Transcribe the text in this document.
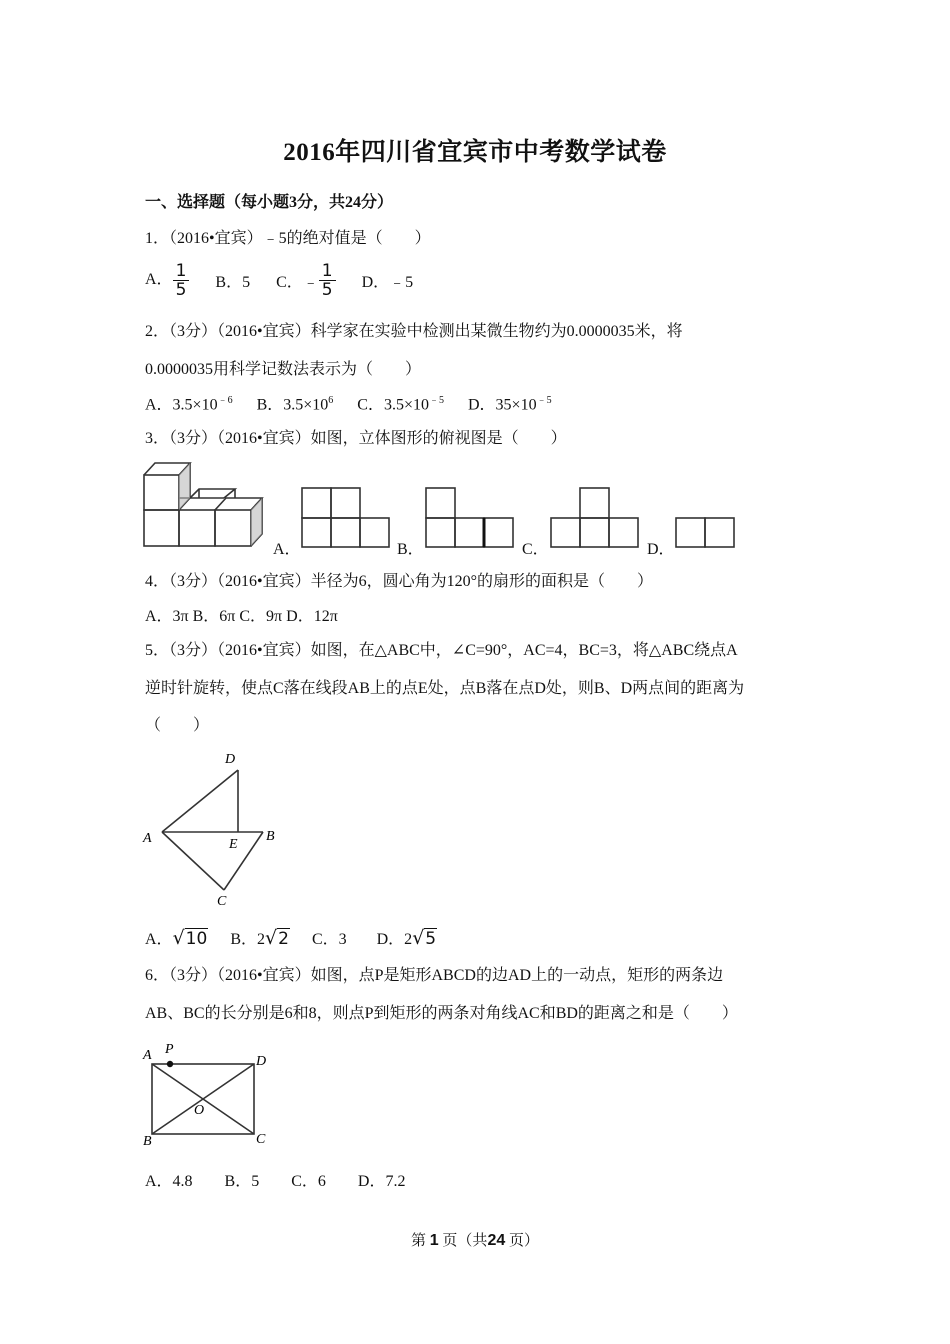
2016年四川省宜宾市中考数学试卷
一、选择题（每小题3分，共24分）
1．（2016•宜宾）﹣5的绝对值是（　　）
A． $\frac{1}{5}$ B．5 C．﹣ $\frac{1}{5}$ D．﹣5
2．（3分）（2016•宜宾）科学家在实验中检测出某微生物约为0.0000035米，将
0.0000035用科学记数法表示为（　　）
A．$3.5\times 10^{﹣6}$ B．$3.5\times 10^6$ C．$3.5\times 10^{﹣5}$ D．$35\times 10^{﹣5}$
3．（3分）（2016•宜宾）如图，立体图形的俯视图是（　　）
A．	B．	C．	D．
4．（3分）（2016•宜宾）半径为6，圆心角为120°的扇形的面积是（　　）
A．3π B．6π C．9π D．12π
5．（3分）（2016•宜宾）如图，在△ABC中，∠C=90°，AC=4，BC=3，将△ABC绕点A
逆时针旋转，使点C落在线段AB上的点E处，点B落在点D处，则B、D两点间的距离为
（　　）
D
A	E
B
C
A．√10 B．2√2 C．3 D．2√5
6．（3分）（2016•宜宾）如图，点P是矩形ABCD的边AD上的一动点，矩形的两条边
AB、BC的长分别是6和8，则点P到矩形的两条对角线AC和BD的距离之和是（　　）
A P
D
O
B	C
A．4.8　　B．5　　C．6　　D．7.2
第 1 页（共24 页）
